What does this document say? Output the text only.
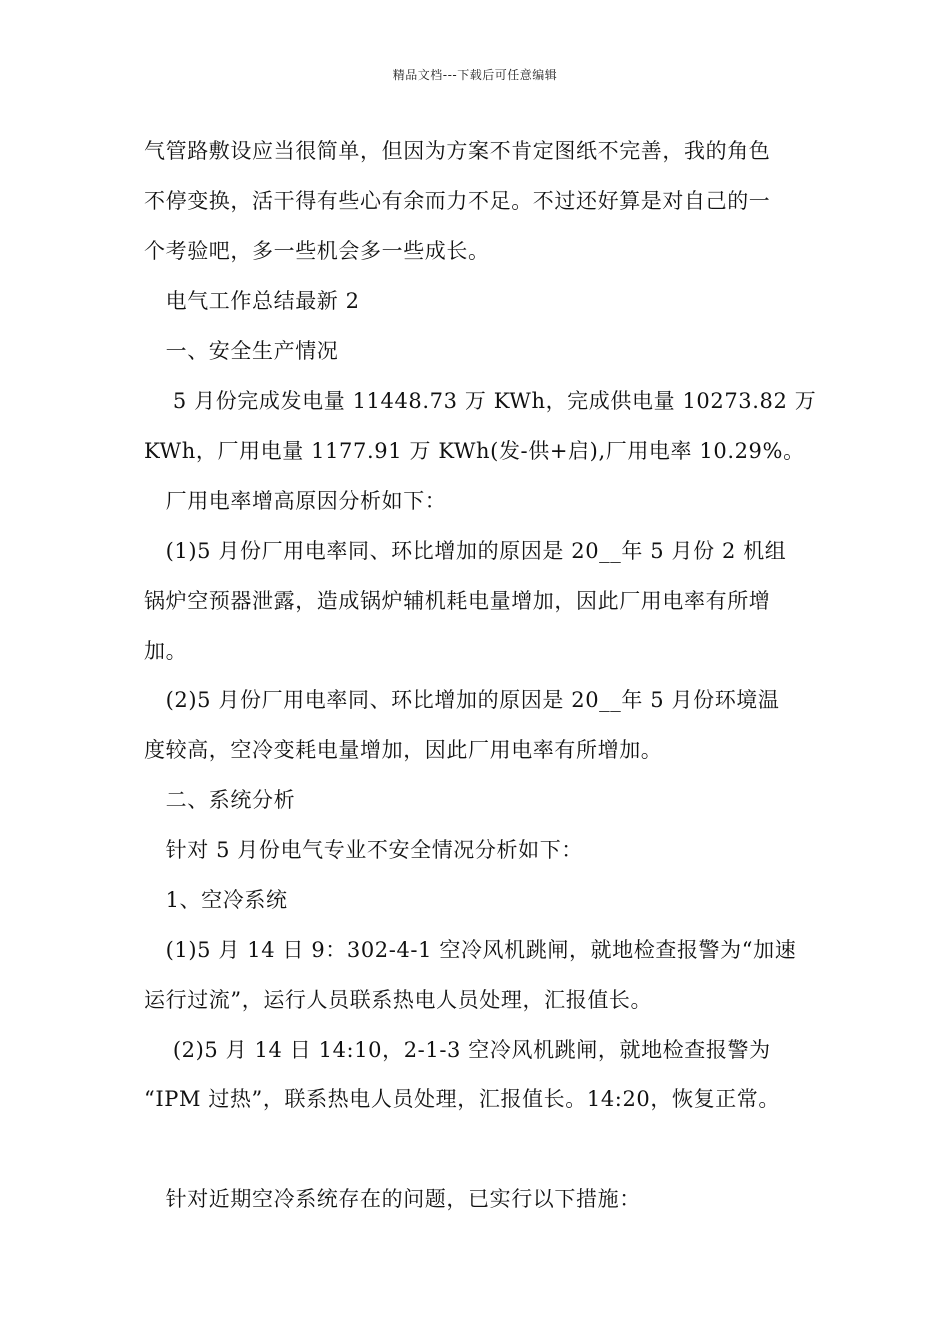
精品文档---下载后可任意编辑
气管路敷设应当很简单，但因为方案不肯定图纸不完善，我的角色
不停变换，活干得有些心有余而力不足。不过还好算是对自己的一
个考验吧，多一些机会多一些成长。
　电气工作总结最新 2
　一、安全生产情况
　 5 月份完成发电量 11448.73 万 KWh，完成供电量 10273.82 万
KWh，厂用电量 1177.91 万 KWh(发-供+启),厂用电率 10.29%。
　厂用电率增高原因分析如下：
　(1)5 月份厂用电率同、环比增加的原因是 20__年 5 月份 2 机组
锅炉空预器泄露，造成锅炉辅机耗电量增加，因此厂用电率有所增
加。
　(2)5 月份厂用电率同、环比增加的原因是 20__年 5 月份环境温
度较高，空冷变耗电量增加，因此厂用电率有所增加。
　二、系统分析
　针对 5 月份电气专业不安全情况分析如下：
　1、空冷系统
　(1)5 月 14 日 9：302-4-1 空冷风机跳闸，就地检查报警为“加速
运行过流”，运行人员联系热电人员处理，汇报值长。
　 (2)5 月 14 日 14:10，2-1-3 空冷风机跳闸，就地检查报警为
“IPM 过热”，联系热电人员处理，汇报值长。14:20，恢复正常。
　针对近期空冷系统存在的问题，已实行以下措施：
